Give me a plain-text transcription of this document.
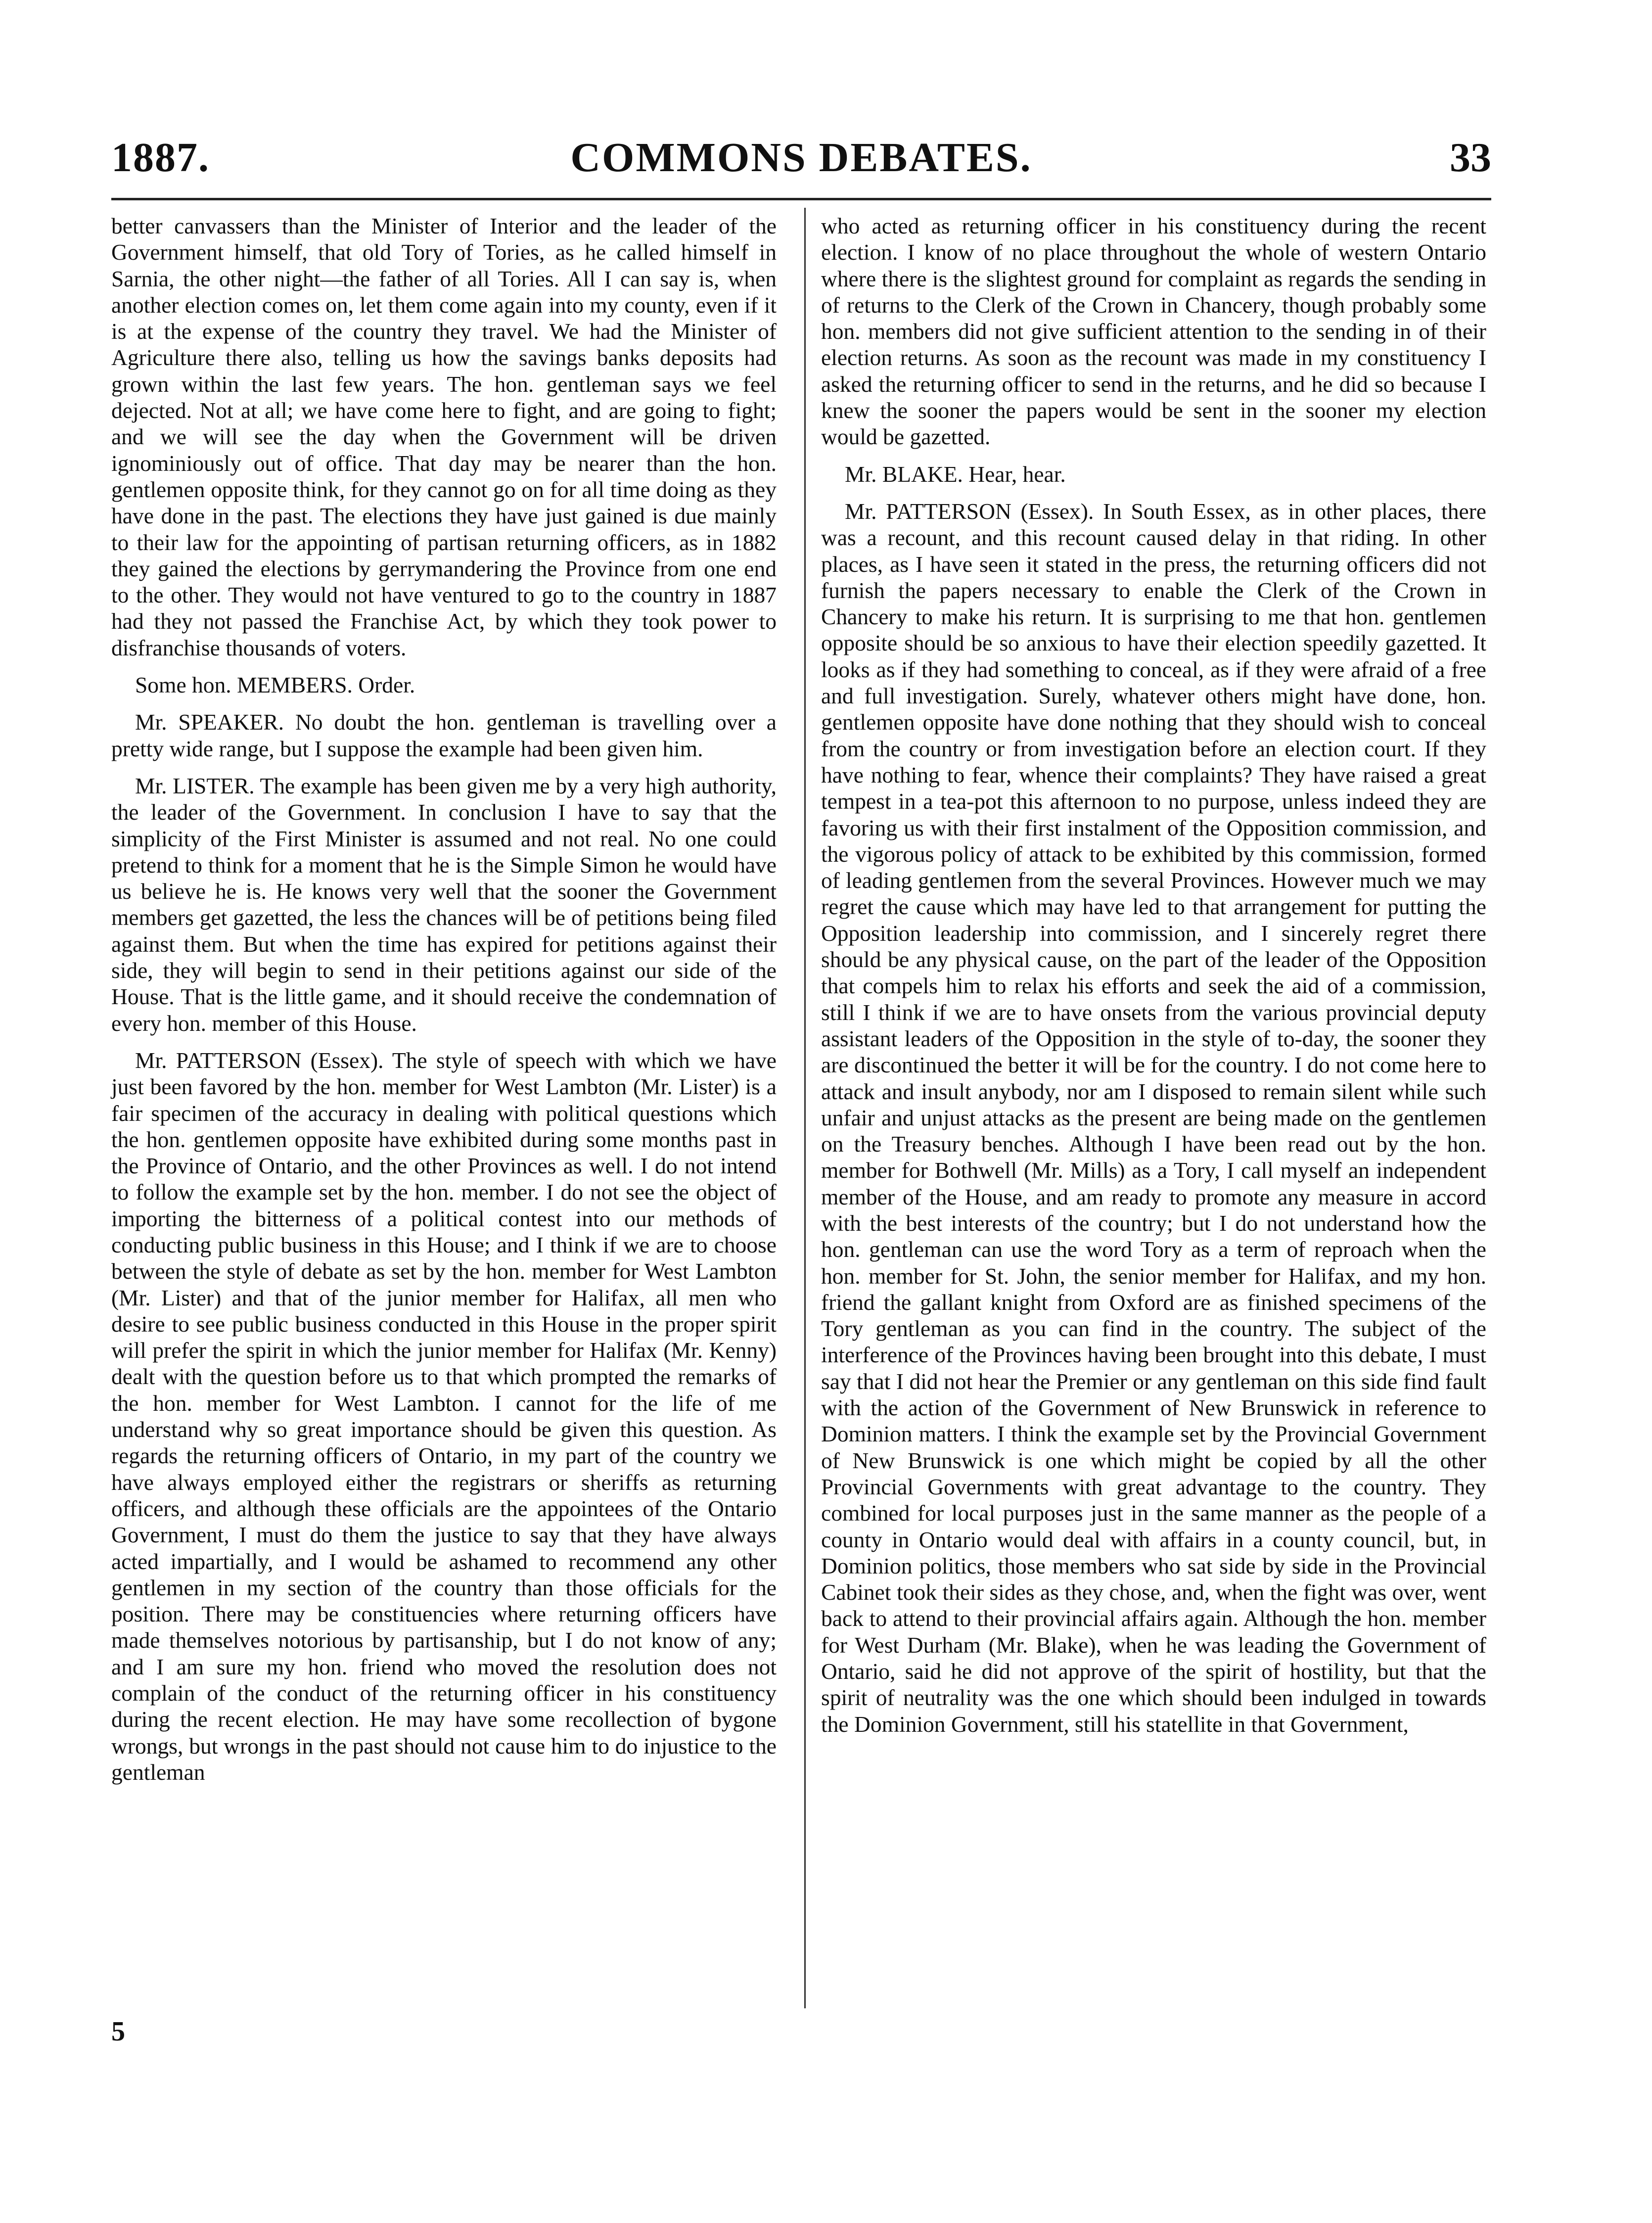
COMMONS DEBATES.
1887.	33

better canvassers than the Minister of Interior and the leader of the Government himself, that old Tory of Tories, as he called himself in Sarnia, the other night—the father of all Tories. All I can say is, when another election comes on, let them come again into my county, even if it is at the expense of the country they travel. We had the Minister of Agriculture there also, telling us how the savings banks deposits had grown within the last few years. The hon. gentleman says we feel dejected. Not at all; we have come here to fight, and are going to fight; and we will see the day when the Government will be driven ignominiously out of office. That day may be nearer than the hon. gentlemen opposite think, for they cannot go on for all time doing as they have done in the past. The elections they have just gained is due mainly to their law for the appointing of partisan returning officers, as in 1882 they gained the elections by gerrymandering the Province from one end to the other. They would not have ventured to go to the country in 1887 had they not passed the Franchise Act, by which they took power to disfranchise thousands of voters.

Some hon. MEMBERS. Order.

Mr. SPEAKER. No doubt the hon. gentleman is travelling over a pretty wide range, but I suppose the example had been given him.

Mr. LISTER. The example has been given me by a very high authority, the leader of the Government. In conclusion I have to say that the simplicity of the First Minister is assumed and not real. No one could pretend to think for a moment that he is the Simple Simon he would have us believe he is. He knows very well that the sooner the Government members get gazetted, the less the chances will be of petitions being filed against them. But when the time has expired for petitions against their side, they will begin to send in their petitions against our side of the House. That is the little game, and it should receive the condemnation of every hon. member of this House.

Mr. PATTERSON (Essex). The style of speech with which we have just been favored by the hon. member for West Lambton (Mr. Lister) is a fair specimen of the accuracy in dealing with political questions which the hon. gentlemen opposite have exhibited during some months past in the Province of Ontario, and the other Provinces as well. I do not intend to follow the example set by the hon. member. I do not see the object of importing the bitterness of a political contest into our methods of conducting public business in this House; and I think if we are to choose between the style of debate as set by the hon. member for West Lambton (Mr. Lister) and that of the junior member for Halifax, all men who desire to see public business conducted in this House in the proper spirit will prefer the spirit in which the junior member for Halifax (Mr. Kenny) dealt with the question before us to that which prompted the remarks of the hon. member for West Lambton. I cannot for the life of me understand why so great importance should be given this question. As regards the returning officers of Ontario, in my part of the country we have always employed either the registrars or sheriffs as returning officers, and although these officials are the appointees of the Ontario Government, I must do them the justice to say that they have always acted impartially, and I would be ashamed to recommend any other gentlemen in my section of the country than those officials for the position. There may be constituencies where returning officers have made themselves notorious by partisanship, but I do not know of any; and I am sure my hon. friend who moved the resolution does not complain of the conduct of the returning officer in his constituency during the recent election. He may have some recollection of bygone wrongs, but wrongs in the past should not cause him to do injustice to the gentleman

who acted as returning officer in his constituency during the recent election. I know of no place throughout the whole of western Ontario where there is the slightest ground for complaint as regards the sending in of returns to the Clerk of the Crown in Chancery, though probably some hon. members did not give sufficient attention to the sending in of their election returns. As soon as the recount was made in my constituency I asked the returning officer to send in the returns, and he did so because I knew the sooner the papers would be sent in the sooner my election would be gazetted.

Mr. BLAKE. Hear, hear.

Mr. PATTERSON (Essex). In South Essex, as in other places, there was a recount, and this recount caused delay in that riding. In other places, as I have seen it stated in the press, the returning officers did not furnish the papers necessary to enable the Clerk of the Crown in Chancery to make his return. It is surprising to me that hon. gentlemen opposite should be so anxious to have their election speedily gazetted. It looks as if they had something to conceal, as if they were afraid of a free and full investigation. Surely, whatever others might have done, hon. gentlemen opposite have done nothing that they should wish to conceal from the country or from investigation before an election court. If they have nothing to fear, whence their complaints? They have raised a great tempest in a tea-pot this afternoon to no purpose, unless indeed they are favoring us with their first instalment of the Opposition commission, and the vigorous policy of attack to be exhibited by this commission, formed of leading gentlemen from the several Provinces. However much we may regret the cause which may have led to that arrangement for putting the Opposition leadership into commission, and I sincerely regret there should be any physical cause, on the part of the leader of the Opposition that compels him to relax his efforts and seek the aid of a commission, still I think if we are to have onsets from the various provincial deputy assistant leaders of the Opposition in the style of to-day, the sooner they are discontinued the better it will be for the country. I do not come here to attack and insult anybody, nor am I disposed to remain silent while such unfair and unjust attacks as the present are being made on the gentlemen on the Treasury benches. Although I have been read out by the hon. member for Bothwell (Mr. Mills) as a Tory, I call myself an independent member of the House, and am ready to promote any measure in accord with the best interests of the country; but I do not understand how the hon. gentleman can use the word Tory as a term of reproach when the hon. member for St. John, the senior member for Halifax, and my hon. friend the gallant knight from Oxford are as finished specimens of the Tory gentleman as you can find in the country. The subject of the interference of the Provinces having been brought into this debate, I must say that I did not hear the Premier or any gentleman on this side find fault with the action of the Government of New Brunswick in reference to Dominion matters. I think the example set by the Provincial Government of New Brunswick is one which might be copied by all the other Provincial Governments with great advantage to the country. They combined for local purposes just in the same manner as the people of a county in Ontario would deal with affairs in a county council, but, in Dominion politics, those members who sat side by side in the Provincial Cabinet took their sides as they chose, and, when the fight was over, went back to attend to their provincial affairs again. Although the hon. member for West Durham (Mr. Blake), when he was leading the Government of Ontario, said he did not approve of the spirit of hostility, but that the spirit of neutrality was the one which should been indulged in towards the Dominion Government, still his statellite in that Government,

5
